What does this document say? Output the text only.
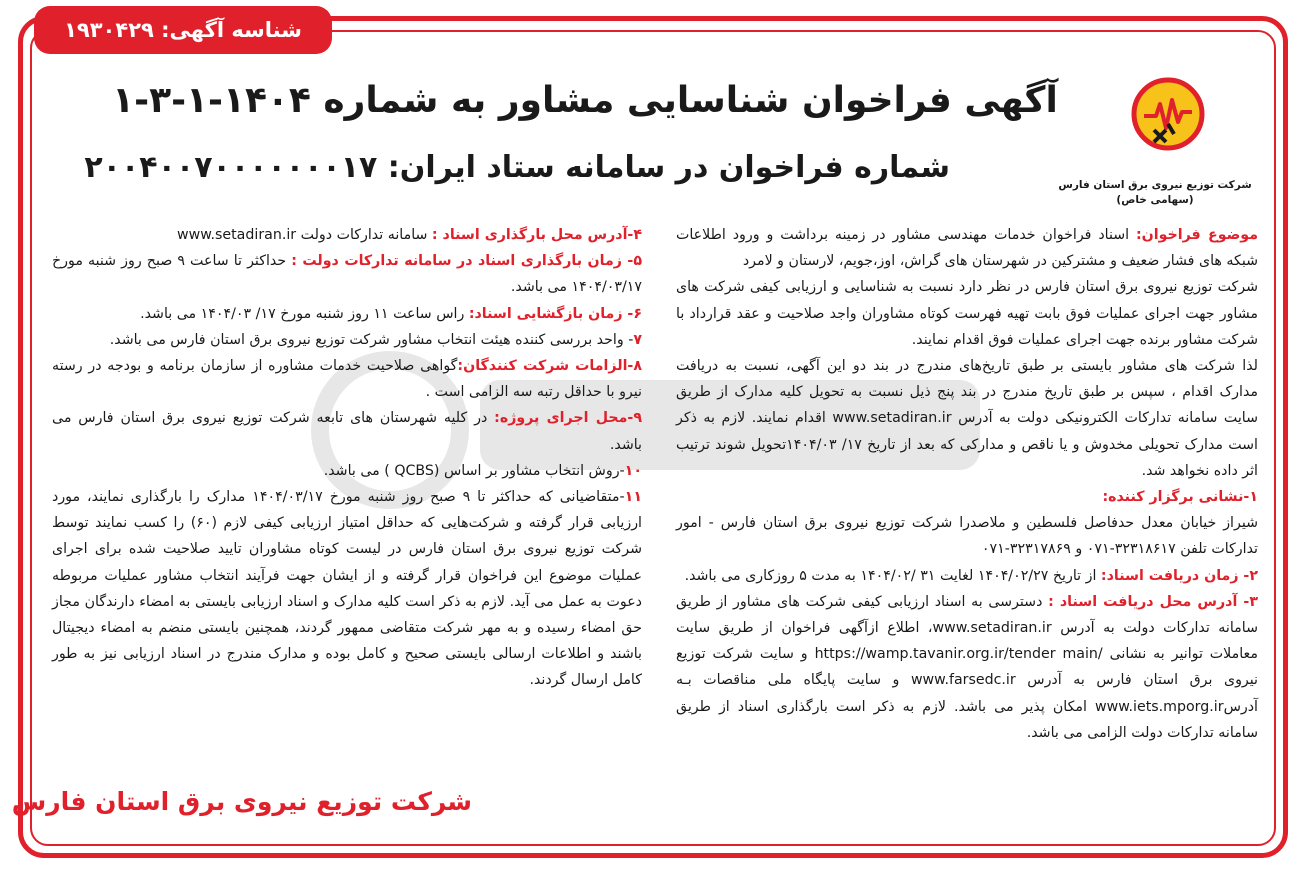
شناسه آگهی: ۱۹۳۰۴۲۹
شرکت توزیع نیروی برق استان فارس
(سهامی خاص)
آگهی فراخوان شناسایی مشاور به شماره ۱۴۰۴-۱-۳-۱
شماره فراخوان در سامانه ستاد ایران: ۲۰۰۴۰۰۷۰۰۰۰۰۰۰۱۷

موضوع فراخوان: اسناد فراخوان خدمات مهندسی مشاور در زمینه برداشت و ورود اطلاعات شبکه های فشار ضعیف و مشترکین در شهرستان های گراش، اوز،جویم، لارستان و لامرد

شرکت توزیع نیروی برق استان فارس در نظر دارد نسبت به شناسایی و ارزیابی کیفی شرکت های مشاور جهت اجرای عملیات فوق بابت تهیه فهرست کوتاه مشاوران واجد صلاحیت و عقد قرارداد با شرکت مشاور برنده جهت اجرای عملیات فوق اقدام نمایند.

لذا شرکت های مشاور بایستی بر طبق تاریخ‌های مندرج در بند دو این آگهی، نسبت به دریافت مدارک اقدام ، سپس بر طبق تاریخ مندرج در بند پنج ذیل نسبت به تحویل کلیه مدارک از طریق سایت سامانه تدارکات الکترونیکی دولت به آدرس www.setadiran.ir اقدام نمایند. لازم به ذکر است مدارک تحویلی مخدوش و یا ناقص و مدارکی که بعد از تاریخ ۱۷/ ۱۴۰۴/۰۳تحویل شوند ترتیب اثر داده نخواهد شد.

۱-نشانی برگزار کننده:
شیراز خیابان معدل حدفاصل فلسطین و ملاصدرا شرکت توزیع نیروی برق استان فارس - امور تدارکات تلفن ۳۲۳۱۸۶۱۷-۰۷۱ و ۳۲۳۱۷۸۶۹-۰۷۱

۲- زمان دریافت اسناد: از تاریخ ۱۴۰۴/۰۲/۲۷ لغایت ۳۱ /۱۴۰۴/۰۲ به مدت ۵ روزکاری می باشد.

۳- آدرس محل دریافت اسناد : دسترسی به اسناد ارزیابی کیفی شرکت های مشاور از طریق سامانه تدارکات دولت به آدرس www.setadiran.ir، اطلاع ازآگهی فراخوان از طریق سایت معاملات توانیر به نشانی /https://wamp.tavanir.org.ir/tender main و سایت شرکت توزیع نیروی برق استان فارس به آدرس www.farsedc.ir و سایت پایگاه ملی مناقصات بـه آدرسwww.iets.mporg.ir امکان پذیر می باشد. لازم به ذکر است بارگذاری اسناد از طریق سامانه تدارکات دولت الزامی می باشد.

۴-آدرس محل بارگذاری اسناد : سامانه تدارکات دولت www.setadiran.ir

۵- زمان بارگذاری اسناد در سامانه تدارکات دولت : حداکثر تا ساعت ۹ صبح روز شنبه مورخ ۱۴۰۴/۰۳/۱۷ می باشد.

۶- زمان بازگشایی اسناد: راس ساعت ۱۱ روز شنبه مورخ ۱۷/ ۱۴۰۴/۰۳ می باشد.

۷- واحد بررسی کننده هیئت انتخاب مشاور شرکت توزیع نیروی برق استان فارس می باشد.

۸-الزامات شرکت کنندگان:گواهی صلاحیت خدمات مشاوره از سازمان برنامه و بودجه در رسته نیرو با حداقل رتبه سه الزامی است .

۹-محل اجرای پروژه: در کلیه شهرستان های تابعه شرکت توزیع نیروی برق استان فارس می باشد.

۱۰-روش انتخاب مشاور بر اساس (QCBS ) می باشد.

۱۱-متقاضیانی که حداکثر تا ۹ صبح روز شنبه مورخ ۱۴۰۴/۰۳/۱۷ مدارک را بارگذاری نمایند، مورد ارزیابی قرار گرفته و شرکت‌هایی که حداقل امتیاز ارزیابی کیفی لازم (۶۰) را کسب نمایند توسط شرکت توزیع نیروی برق استان فارس در لیست کوتاه مشاوران تایید صلاحیت شده برای اجرای عملیات موضوع این فراخوان قرار گرفته و از ایشان جهت فرآیند انتخاب مشاور عملیات مربوطه دعوت به عمل می آید. لازم به ذکر است کلیه مدارک و اسناد ارزیابی بایستی به امضاء دارندگان مجاز حق امضاء رسیده و به مهر شرکت متقاضی ممهور گردند، همچنین بایستی منضم به امضاء دیجیتال باشند و اطلاعات ارسالی بایستی صحیح و کامل بوده و مدارک مندرج در اسناد ارزیابی نیز به طور کامل ارسال گردند.

شرکت توزیع نیروی برق استان فارس
